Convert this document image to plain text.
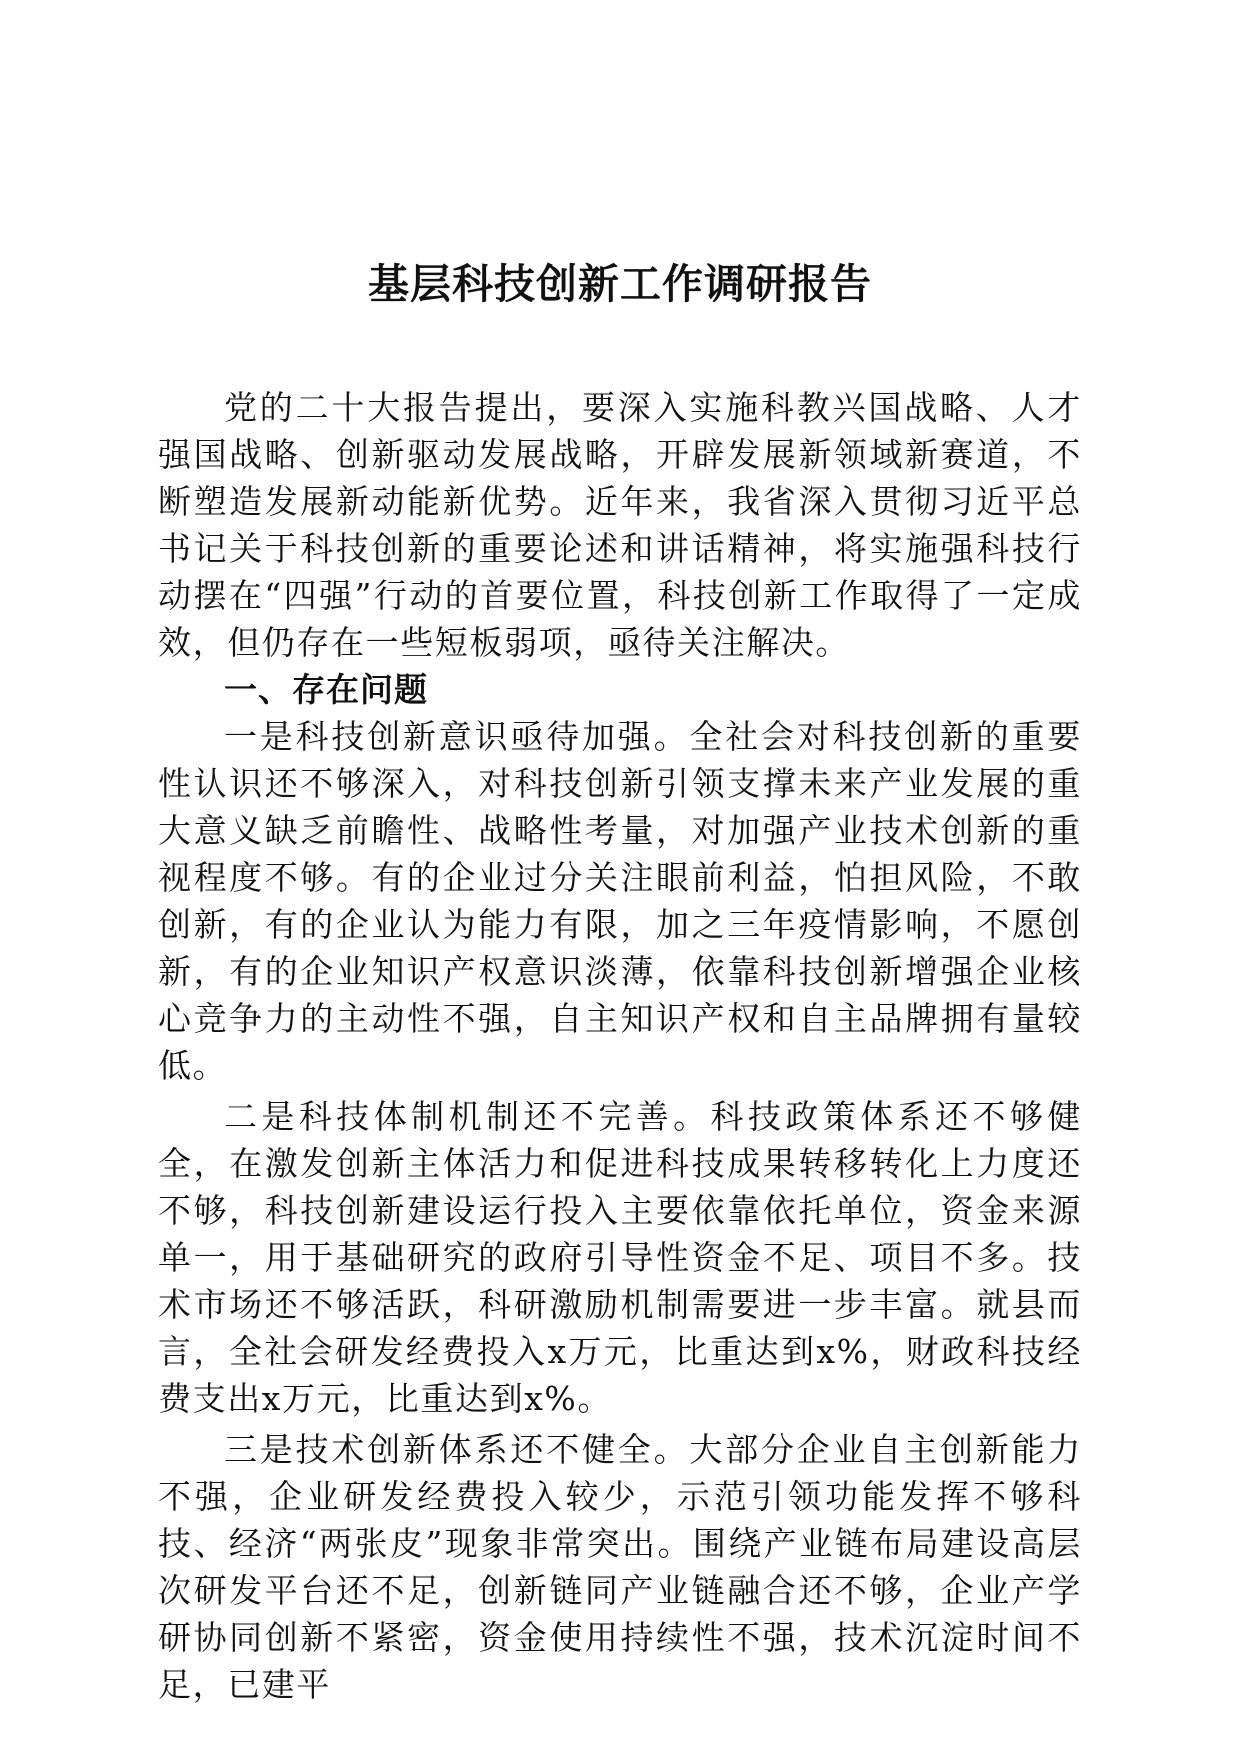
基层科技创新工作调研报告

党的二十大报告提出，要深入实施科教兴国战略、人才强国战略、创新驱动发展战略，开辟发展新领域新赛道，不断塑造发展新动能新优势。近年来，我省深入贯彻习近平总书记关于科技创新的重要论述和讲话精神，将实施强科技行动摆在“四强”行动的首要位置，科技创新工作取得了一定成效，但仍存在一些短板弱项，亟待关注解决。

一、存在问题

一是科技创新意识亟待加强。全社会对科技创新的重要性认识还不够深入，对科技创新引领支撑未来产业发展的重大意义缺乏前瞻性、战略性考量，对加强产业技术创新的重视程度不够。有的企业过分关注眼前利益，怕担风险，不敢创新，有的企业认为能力有限，加之三年疫情影响，不愿创新，有的企业知识产权意识淡薄，依靠科技创新增强企业核心竞争力的主动性不强，自主知识产权和自主品牌拥有量较低。

二是科技体制机制还不完善。科技政策体系还不够健全，在激发创新主体活力和促进科技成果转移转化上力度还不够，科技创新建设运行投入主要依靠依托单位，资金来源单一，用于基础研究的政府引导性资金不足、项目不多。技术市场还不够活跃，科研激励机制需要进一步丰富。就县而言，全社会研发经费投入x万元，比重达到x%，财政科技经费支出x万元，比重达到x%。

三是技术创新体系还不健全。大部分企业自主创新能力不强，企业研发经费投入较少，示范引领功能发挥不够科技、经济“两张皮”现象非常突出。围绕产业链布局建设高层次研发平台还不足，创新链同产业链融合还不够，企业产学研协同创新不紧密，资金使用持续性不强，技术沉淀时间不足，已建平
